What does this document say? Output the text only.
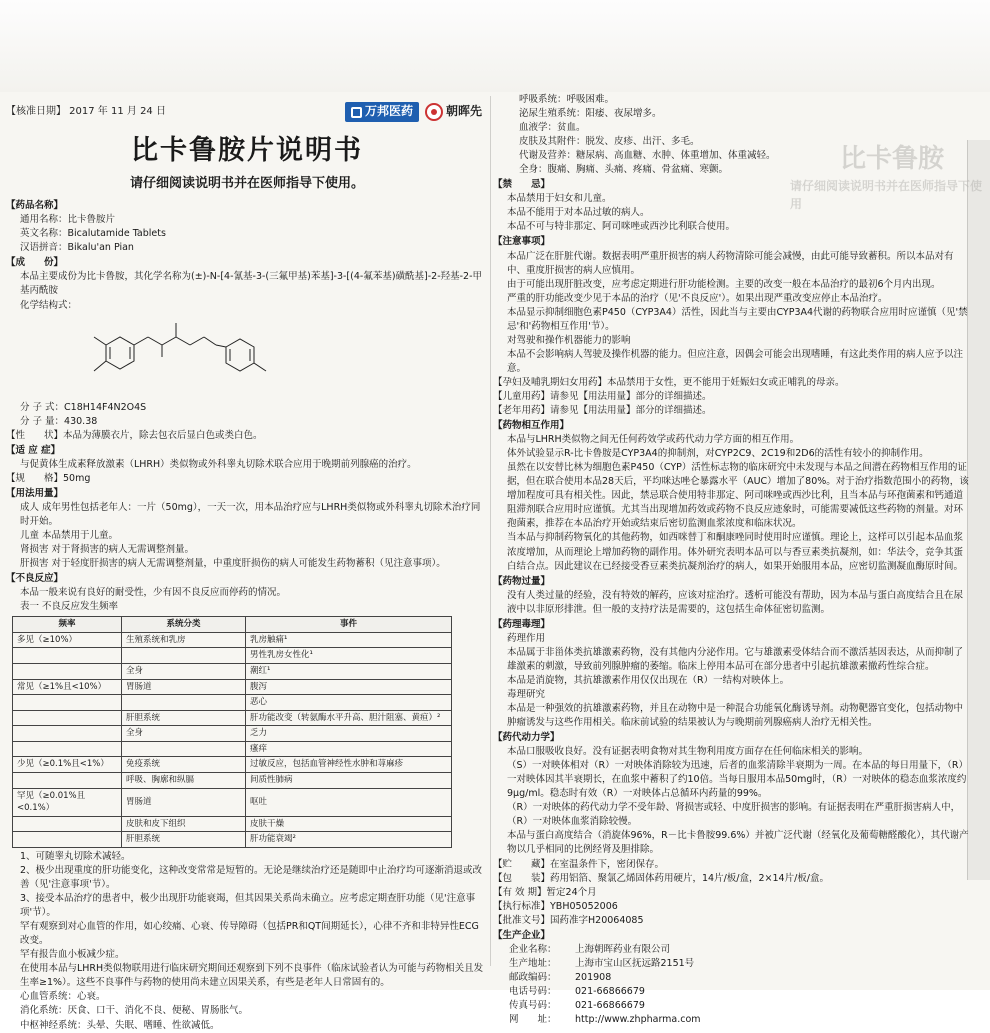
比卡鲁胺
请仔细阅读说明书并在医师指导下使用
【核准日期】 2017 年 11 月 24 日	万邦医药	朝晖先
比卡鲁胺片说明书
请仔细阅读说明书并在医师指导下使用。
【药品名称】

通用名称：比卡鲁胺片

英文名称：Bicalutamide Tablets

汉语拼音：Bikalu'an Pian

【成　　份】

本品主要成份为比卡鲁胺，其化学名称为(±)-N-[4-氰基-3-(三氟甲基)苯基]-3-[(4-氟苯基)磺酰基]-2-羟基-2-甲基丙酰胺

化学结构式：

分 子 式：C18H14F4N2O4S

分 子 量：430.38

【性　　状】本品为薄膜衣片，除去包衣后显白色或类白色。

【适 应 症】

与促黄体生成素释放激素（LHRH）类似物或外科睾丸切除术联合应用于晚期前列腺癌的治疗。

【规　　格】50mg

【用法用量】

成人 成年男性包括老年人：一片（50mg），一天一次，用本品治疗应与LHRH类似物或外科睾丸切除术治疗同时开始。

儿童 本品禁用于儿童。

肾损害 对于肾损害的病人无需调整剂量。

肝损害 对于轻度肝损害的病人无需调整剂量，中重度肝损伤的病人可能发生药物蓄积（见注意事项）。

【不良反应】

本品一般来说有良好的耐受性，少有因不良反应而停药的情况。

表一 不良反应发生频率

频率	系统分类	事件
多见（≥10%）	生殖系统和乳房	乳房触痛¹
		男性乳房女性化¹
	全身	潮红¹
常见（≥1%且<10%）	胃肠道	腹泻
		恶心
	肝胆系统	肝功能改变（转氨酶水平升高、胆汁阻塞、黄疸）²
	全身	乏力
		瘙痒
少见（≥0.1%且<1%）	免疫系统	过敏反应，包括血管神经性水肿和荨麻疹
	呼吸、胸廓和纵膈	间质性肺病
罕见（≥0.01%且<0.1%）	胃肠道	呕吐
	皮肤和皮下组织	皮肤干燥
	肝胆系统	肝功能衰竭²

1、可随睾丸切除术减轻。

2、极少出现重度的肝功能变化，这种改变常常是短暂的。无论是继续治疗还是随即中止治疗均可逐渐消退或改善（见'注意事项'节）。

3、接受本品治疗的患者中，极少出现肝功能衰竭，但其因果关系尚未确立。应考虑定期查肝功能（见'注意事项'节）。

罕有观察到对心血管的作用，如心绞痛、心衰、传导障碍（包括PR和QT间期延长），心律不齐和非特异性ECG改变。

罕有报告血小板减少症。

在使用本品与LHRH类似物联用进行临床研究期间还观察到下列不良事件（临床试验者认为可能与药物相关且发生率≥1%）。这些不良事件与药物的使用尚未建立因果关系，有些是老年人日常固有的。

心血管系统：心衰。

消化系统：厌食、口干、消化不良、便秘、胃肠胀气。

中枢神经系统：头晕、失眠、嗜睡、性欲减低。

呼吸系统：呼吸困难。

泌尿生殖系统：阳痿、夜尿增多。

血液学：贫血。

皮肤及其附件：脱发、皮疹、出汗、多毛。

代谢及营养：糖尿病、高血糖、水肿、体重增加、体重减轻。

全身：腹痛、胸痛、头痛、疼痛、骨盆痛、寒颤。

【禁　　忌】

本品禁用于妇女和儿童。

本品不能用于对本品过敏的病人。

本品不可与特非那定、阿司咪唑或西沙比利联合使用。

【注意事项】

本品广泛在肝脏代谢。数据表明严重肝损害的病人药物清除可能会减慢，由此可能导致蓄积。所以本品对有中、重度肝损害的病人应慎用。

由于可能出现肝脏改变，应考虑定期进行肝功能检测。主要的改变一般在本品治疗的最初6个月内出现。

严重的肝功能改变少见于本品的治疗（见'不良反应'）。如果出现严重改变应停止本品治疗。

本品显示抑制细胞色素P450（CYP3A4）活性，因此当与主要由CYP3A4代谢的药物联合应用时应谨慎（见'禁忌'和'药物相互作用'节）。

对驾驶和操作机器能力的影响

本品不会影响病人驾驶及操作机器的能力。但应注意，因偶会可能会出现嗜睡，有这此类作用的病人应予以注意。

【孕妇及哺乳期妇女用药】本品禁用于女性，更不能用于妊娠妇女或正哺乳的母亲。

【儿童用药】请参见【用法用量】部分的详细描述。

【老年用药】请参见【用法用量】部分的详细描述。

【药物相互作用】

本品与LHRH类似物之间无任何药效学或药代动力学方面的相互作用。

体外试验显示R-比卡鲁胺是CYP3A4的抑制剂，对CYP2C9、2C19和2D6的活性有较小的抑制作用。

虽然在以安替比林为细胞色素P450（CYP）活性标志物的临床研究中未发现与本品之间潜在药物相互作用的证据，但在联合使用本品28天后，平均咪达唑仑暴露水平（AUC）增加了80%。对于治疗指数范围小的药物，该增加程度可具有相关性。因此，禁忌联合使用特非那定、阿司咪唑或西沙比利，且当本品与环孢菌素和钙通道阻滞剂联合应用时应谨慎。尤其当出现增加药效或药物不良反应迹象时，可能需要减低这些药物的剂量。对环孢菌素，推荐在本品治疗开始或结束后密切监测血浆浓度和临床状况。

当本品与抑制药物氧化的其他药物，如西咪替丁和酮康唑同时使用时应谨慎。理论上，这样可以引起本品血浆浓度增加，从而理论上增加药物的副作用。体外研究表明本品可以与香豆素类抗凝剂，如：华法令，竞争其蛋白结合点。因此建议在已经接受香豆素类抗凝剂治疗的病人，如果开始服用本品，应密切监测凝血酶原时间。

【药物过量】

没有人类过量的经验，没有特效的解药，应该对症治疗。透析可能没有帮助，因为本品与蛋白高度结合且在尿液中以非原形排泄。但一般的支持疗法是需要的，这包括生命体征密切监测。

【药理毒理】

药理作用

本品属于非甾体类抗雄激素药物，没有其他内分泌作用。它与雄激素受体结合而不激活基因表达，从而抑制了雄激素的刺激，导致前列腺肿瘤的萎缩。临床上停用本品可在部分患者中引起抗雄激素撤药性综合症。

本品是消旋物，其抗雄激素作用仅仅出现在（R）一结构对映体上。

毒理研究

本品是一种强效的抗雄激素药物，并且在动物中是一种混合功能氧化酶诱导剂。动物靶器官变化，包括动物中肿瘤诱发与这些作用相关。临床前试验的结果被认为与晚期前列腺癌病人治疗无相关性。

【药代动力学】

本品口服吸收良好。没有证据表明食物对其生物利用度方面存在任何临床相关的影响。

（S）一对映体相对（R）一对映体消除较为迅速，后者的血浆清除半衰期为一周。在本品的每日用量下，（R）一对映体因其半衰期长，在血浆中蓄积了约10倍。当每日服用本品50mg时，（R）一对映体的稳态血浆浓度约9μg/ml。稳态时有效（R）一对映体占总循环内药量的99%。

（R）一对映体的药代动力学不受年龄、肾损害或轻、中度肝损害的影响。有证据表明在严重肝损害病人中，（R）一对映体血浆消除较慢。

本品与蛋白高度结合（消旋体96%，R－比卡鲁胺99.6%）并被广泛代谢（经氧化及葡萄糖醛酸化），其代谢产物以几乎相同的比例经肾及胆排除。

【贮　　藏】在室温条件下，密闭保存。

【包　　装】药用铝箔、聚氯乙烯固体药用硬片，14片/板/盒，2×14片/板/盒。

【有 效 期】暂定24个月

【执行标准】YBH05052006

【批准文号】国药准字H20064085

【生产企业】
企业名称：	上海朝晖药业有限公司
生产地址：	上海市宝山区抚远路2151号
邮政编码：	201908
电话号码：	021-66866679
传真号码：	021-66866679
网　　址：	http://www.zhpharma.com
